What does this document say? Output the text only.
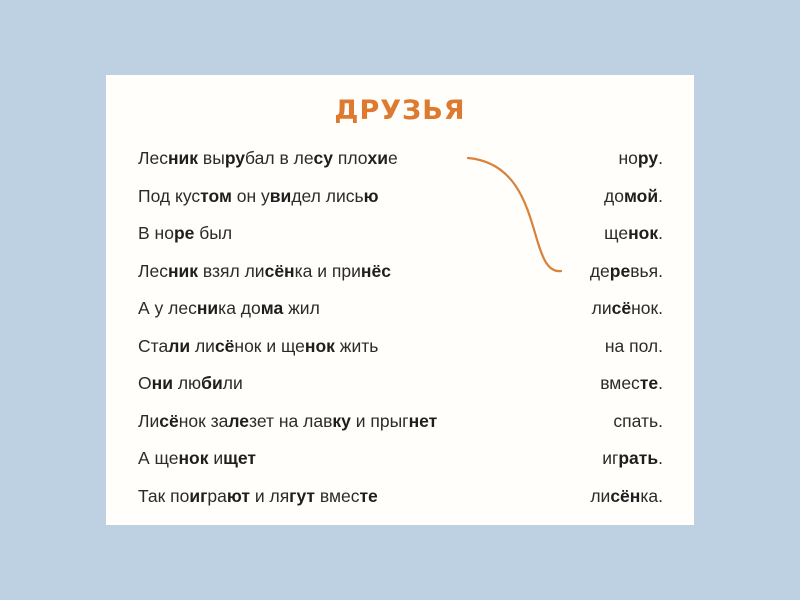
ДРУЗЬЯ
Лесник вырубал в лесу плохие	нору.
Под кустом он увидел лисью	домой.
В норе был	щенок.
Лесник взял лисёнка и принёс	деревья.
А у лесника дома жил	лисёнок.
Стали лисёнок и щенок жить	на пол.
Они любили	вместе.
Лисёнок залезет на лавку и прыгнет	спать.
А щенок ищет	играть.
Так поиграют и лягут вместе	лисёнка.
